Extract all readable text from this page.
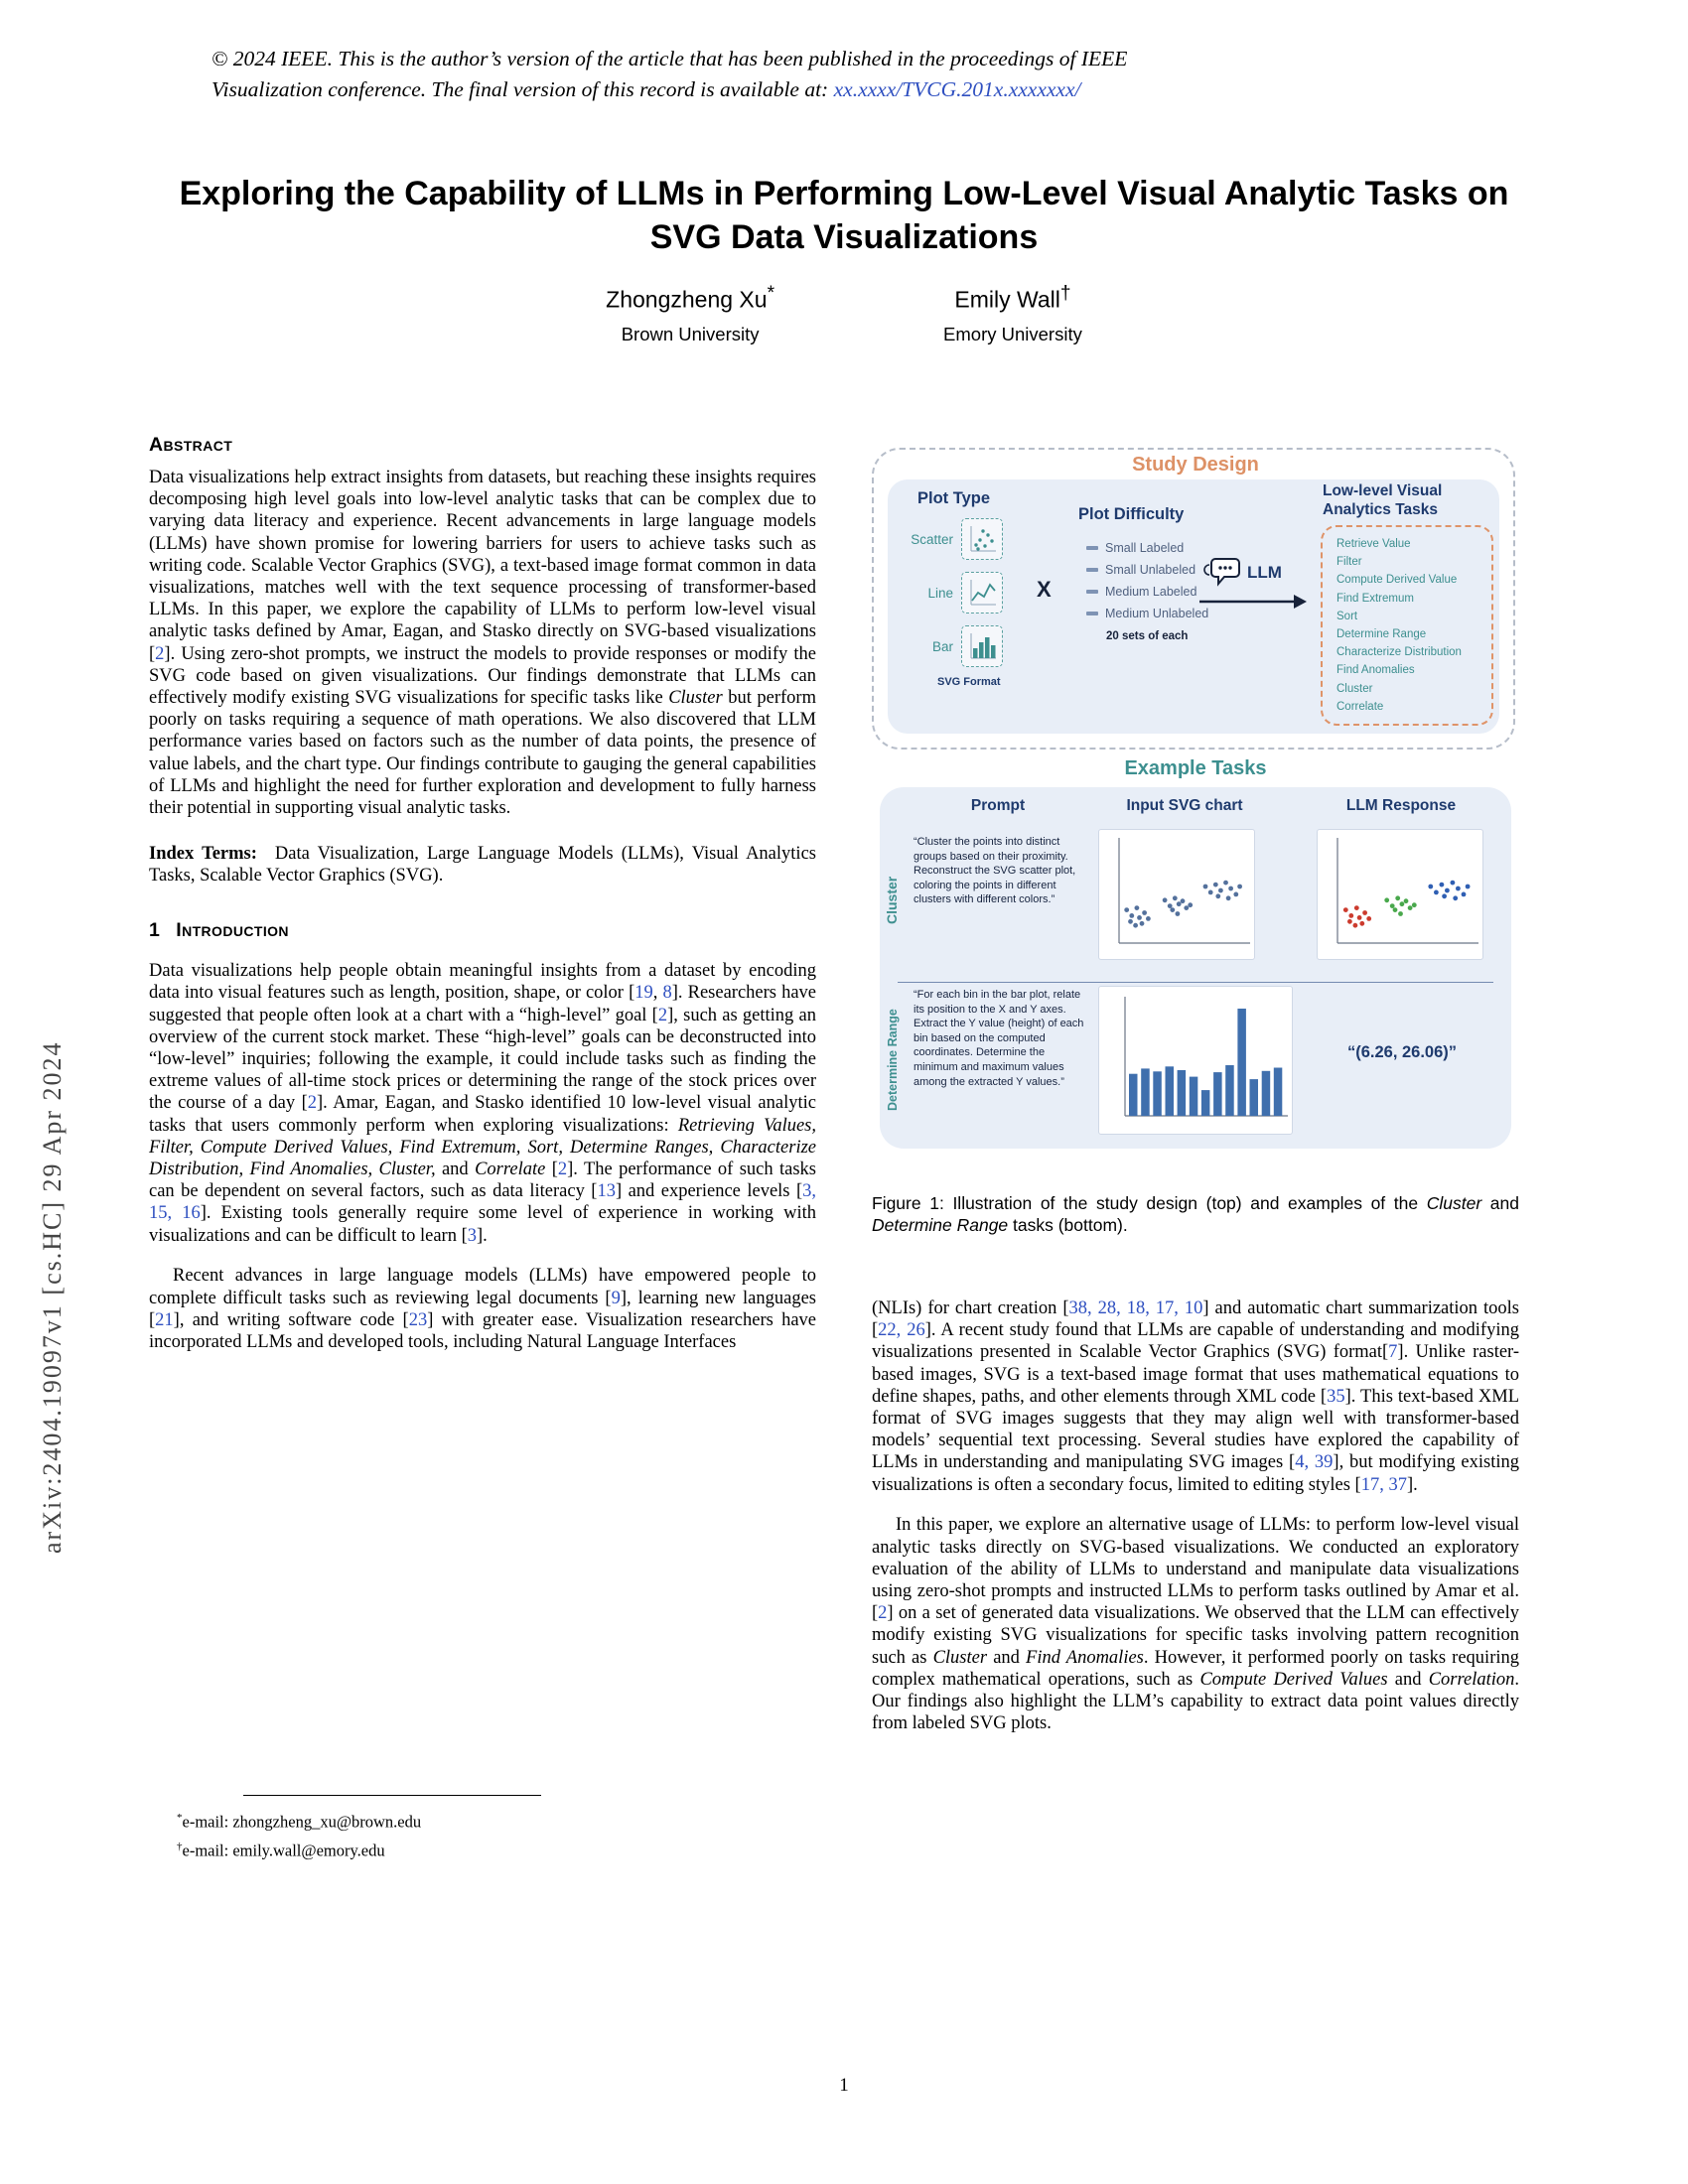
arXiv:2404.19097v1 [cs.HC] 29 Apr 2024
© 2024 IEEE. This is the author’s version of the article that has been published in the proceedings of IEEE
Visualization conference. The final version of this record is available at: xx.xxxx/TVCG.201x.xxxxxxx/
Exploring the Capability of LLMs in Performing Low-Level Visual Analytic Tasks on SVG Data Visualizations
Zhongzheng Xu*
Brown University
Emily Wall†
Emory University
Abstract

Data visualizations help extract insights from datasets, but reaching these insights requires decomposing high level goals into low-level analytic tasks that can be complex due to varying data literacy and experience. Recent advancements in large language models (LLMs) have shown promise for lowering barriers for users to achieve tasks such as writing code. Scalable Vector Graphics (SVG), a text-based image format common in data visualizations, matches well with the text sequence processing of transformer-based LLMs. In this paper, we explore the capability of LLMs to perform low-level visual analytic tasks defined by Amar, Eagan, and Stasko directly on SVG-based visualizations [2]. Using zero-shot prompts, we instruct the models to provide responses or modify the SVG code based on given visualizations. Our findings demonstrate that LLMs can effectively modify existing SVG visualizations for specific tasks like Cluster but perform poorly on tasks requiring a sequence of math operations. We also discovered that LLM performance varies based on factors such as the number of data points, the presence of value labels, and the chart type. Our findings contribute to gauging the general capabilities of LLMs and highlight the need for further exploration and development to fully harness their potential in supporting visual analytic tasks.

Index Terms: Data Visualization, Large Language Models (LLMs), Visual Analytics Tasks, Scalable Vector Graphics (SVG).

1 Introduction

Data visualizations help people obtain meaningful insights from a dataset by encoding data into visual features such as length, position, shape, or color [19, 8]. Researchers have suggested that people often look at a chart with a “high-level” goal [2], such as getting an overview of the current stock market. These “high-level” goals can be deconstructed into “low-level” inquiries; following the example, it could include tasks such as finding the extreme values of all-time stock prices or determining the range of the stock prices over the course of a day [2]. Amar, Eagan, and Stasko identified 10 low-level visual analytic tasks that users commonly perform when exploring visualizations: Retrieving Values, Filter, Compute Derived Values, Find Extremum, Sort, Determine Ranges, Characterize Distribution, Find Anomalies, Cluster, and Correlate [2]. The performance of such tasks can be dependent on several factors, such as data literacy [13] and experience levels [3, 15, 16]. Existing tools generally require some level of experience in working with visualizations and can be difficult to learn [3].

Recent advances in large language models (LLMs) have empowered people to complete difficult tasks such as reviewing legal documents [9], learning new languages [21], and writing software code [23] with greater ease. Visualization researchers have incorporated LLMs and developed tools, including Natural Language Interfaces

Study Design
Plot Type
Scatter
Line
Bar
SVG Format
X
Plot Difficulty
Small Labeled
Small Unlabeled
Medium Labeled
Medium Unlabeled
20 sets of each
LLM
Low-level Visual Analytics Tasks
Retrieve Value
Filter
Compute Derived Value
Find Extremum
Sort
Determine Range
Characterize Distribution
Find Anomalies
Cluster
Correlate
Example Tasks
Prompt	Input SVG chart	LLM Response
Cluster
“Cluster the points into distinct groups based on their proximity. Reconstruct the SVG scatter plot, coloring the points in different clusters with different colors.”
Determine Range
“For each bin in the bar plot, relate its position to the X and Y axes. Extract the Y value (height) of each bin based on the computed coordinates. Determine the minimum and maximum values among the extracted Y values.”
“(6.26, 26.06)”

Figure 1: Illustration of the study design (top) and examples of the Cluster and Determine Range tasks (bottom).

(NLIs) for chart creation [38, 28, 18, 17, 10] and automatic chart summarization tools [22, 26]. A recent study found that LLMs are capable of understanding and modifying visualizations presented in Scalable Vector Graphics (SVG) format[7]. Unlike raster-based images, SVG is a text-based image format that uses mathematical equations to define shapes, paths, and other elements through XML code [35]. This text-based XML format of SVG images suggests that they may align well with transformer-based models’ sequential text processing. Several studies have explored the capability of LLMs in understanding and manipulating SVG images [4, 39], but modifying existing visualizations is often a secondary focus, limited to editing styles [17, 37].

In this paper, we explore an alternative usage of LLMs: to perform low-level visual analytic tasks directly on SVG-based visualizations. We conducted an exploratory evaluation of the ability of LLMs to understand and manipulate data visualizations using zero-shot prompts and instructed LLMs to perform tasks outlined by Amar et al. [2] on a set of generated data visualizations. We observed that the LLM can effectively modify existing SVG visualizations for specific tasks involving pattern recognition such as Cluster and Find Anomalies. However, it performed poorly on tasks requiring complex mathematical operations, such as Compute Derived Values and Correlation. Our findings also highlight the LLM’s capability to extract data point values directly from labeled SVG plots.

*e-mail: zhongzheng_xu@brown.edu
†e-mail: emily.wall@emory.edu
1
